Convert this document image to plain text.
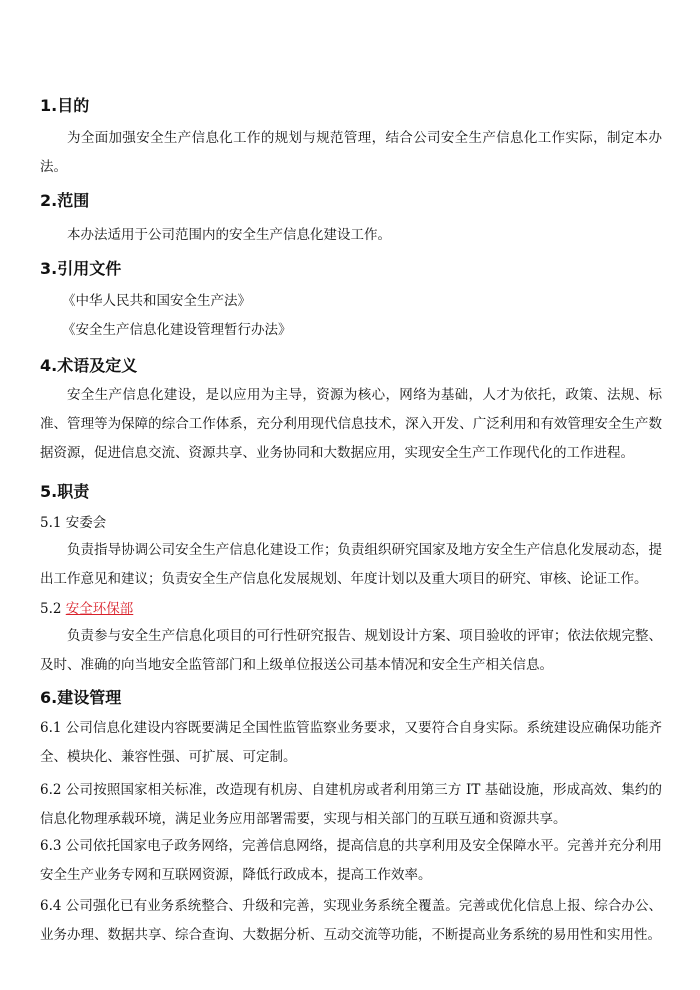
1.目的

为全面加强安全生产信息化工作的规划与规范管理，结合公司安全生产信息化工作实际，制定本办法。

2.范围

本办法适用于公司范围内的安全生产信息化建设工作。

3.引用文件

《中华人民共和国安全生产法》

《安全生产信息化建设管理暂行办法》

4.术语及定义

安全生产信息化建设，是以应用为主导，资源为核心，网络为基础，人才为依托，政策、法规、标准、管理等为保障的综合工作体系，充分利用现代信息技术，深入开发、广泛利用和有效管理安全生产数据资源，促进信息交流、资源共享、业务协同和大数据应用，实现安全生产工作现代化的工作进程。

5.职责

5.1 安委会

负责指导协调公司安全生产信息化建设工作；负责组织研究国家及地方安全生产信息化发展动态，提出工作意见和建议；负责安全生产信息化发展规划、年度计划以及重大项目的研究、审核、论证工作。

5.2 安全环保部

负责参与安全生产信息化项目的可行性研究报告、规划设计方案、项目验收的评审；依法依规完整、及时、准确的向当地安全监管部门和上级单位报送公司基本情况和安全生产相关信息。

6.建设管理

6.1 公司信息化建设内容既要满足全国性监管监察业务要求，又要符合自身实际。系统建设应确保功能齐全、模块化、兼容性强、可扩展、可定制。

6.2 公司按照国家相关标准，改造现有机房、自建机房或者利用第三方 IT 基础设施，形成高效、集约的信息化物理承载环境，满足业务应用部署需要，实现与相关部门的互联互通和资源共享。

6.3 公司依托国家电子政务网络，完善信息网络，提高信息的共享利用及安全保障水平。完善并充分利用安全生产业务专网和互联网资源，降低行政成本，提高工作效率。

6.4 公司强化已有业务系统整合、升级和完善，实现业务系统全覆盖。完善或优化信息上报、综合办公、业务办理、数据共享、综合查询、大数据分析、互动交流等功能，不断提高业务系统的易用性和实用性。
